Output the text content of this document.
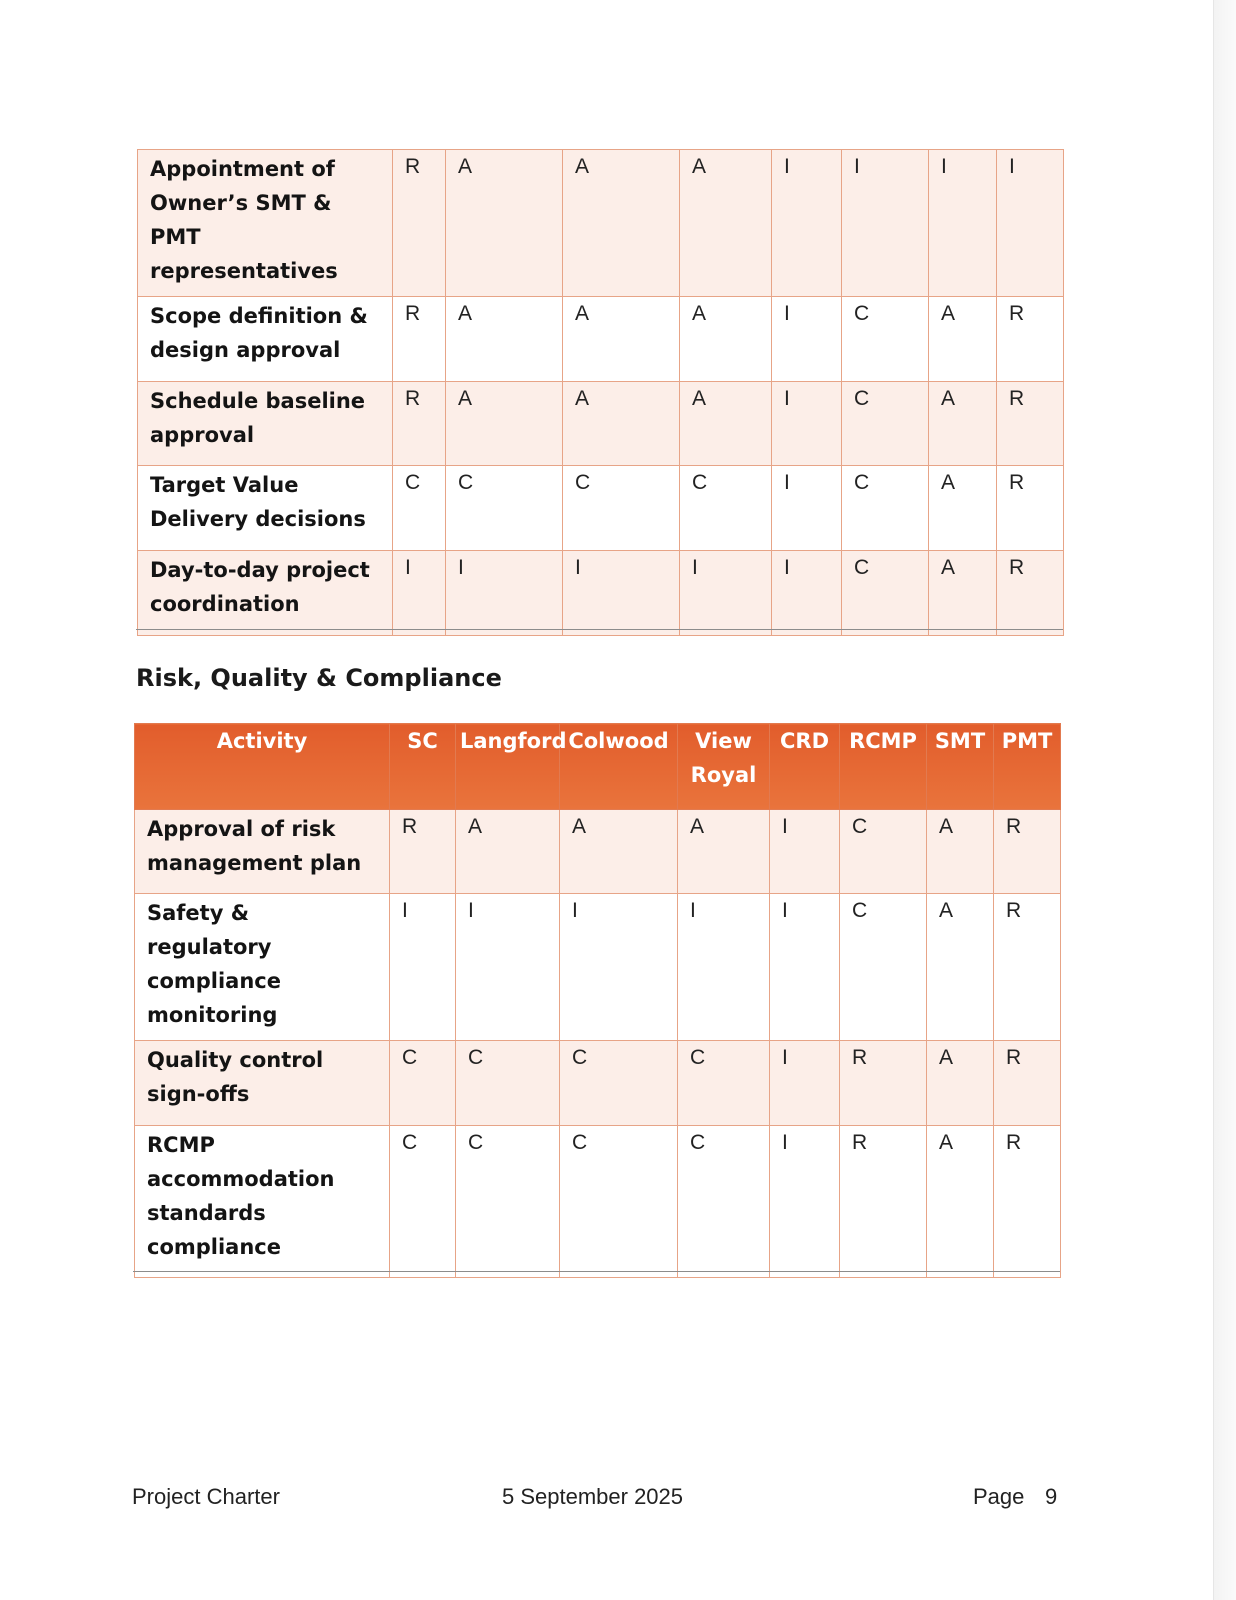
Appointment of Owner’s SMT & PMT representatives	R	A	A	A	I	I	I	I
Scope definition & design approval	R	A	A	A	I	C	A	R
Schedule baseline approval	R	A	A	A	I	C	A	R
Target Value Delivery decisions	C	C	C	C	I	C	A	R
Day-to-day project coordination	I	I	I	I	I	C	A	R
Risk, Quality & Compliance
Activity	SC	Langford	Colwood	View Royal	CRD	RCMP	SMT	PMT
Approval of risk management plan	R	A	A	A	I	C	A	R
Safety & regulatory compliance monitoring	I	I	I	I	I	C	A	R
Quality control sign-offs	C	C	C	C	I	R	A	R
RCMP accommodation standards compliance	C	C	C	C	I	R	A	R
Project Charter	5 September 2025	Page 9
